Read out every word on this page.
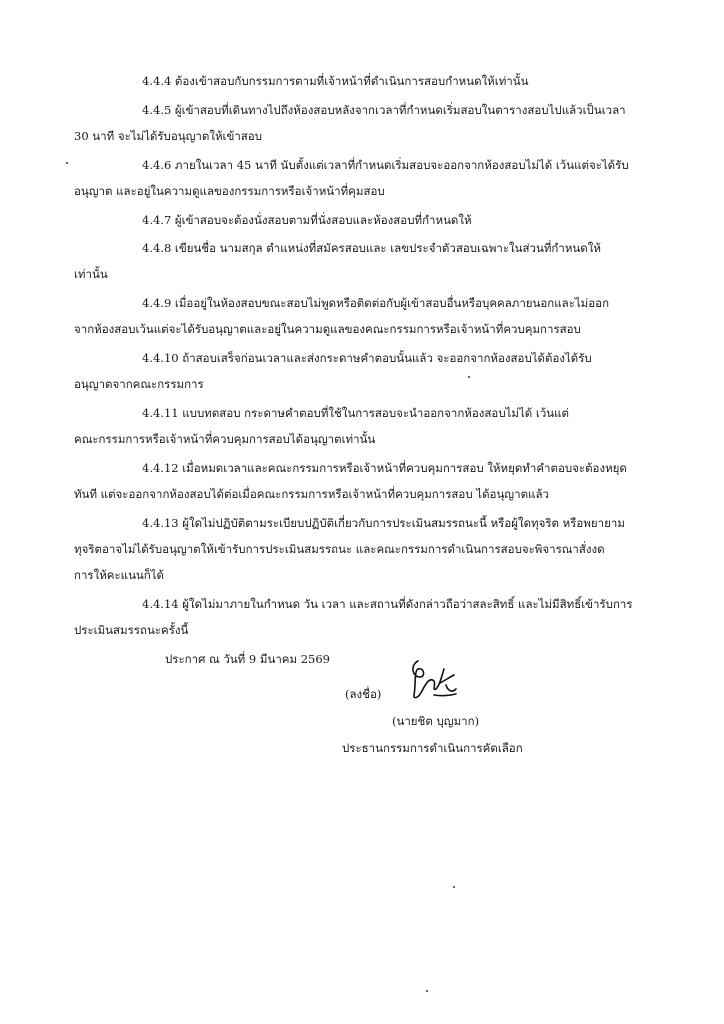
4.4.4 ต้องเข้าสอบกับกรรมการตามที่เจ้าหน้าที่ดำเนินการสอบกำหนดให้เท่านั้น
4.4.5 ผู้เข้าสอบที่เดินทางไปถึงห้องสอบหลังจากเวลาที่กำหนดเริ่มสอบในตารางสอบไปแล้วเป็นเวลา
30 นาที จะไม่ได้รับอนุญาตให้เข้าสอบ
4.4.6 ภายในเวลา 45 นาที นับตั้งแต่เวลาที่กำหนดเริ่มสอบจะออกจากห้องสอบไม่ได้ เว้นแต่จะได้รับ
อนุญาต และอยู่ในความดูแลของกรรมการหรือเจ้าหน้าที่คุมสอบ
4.4.7 ผู้เข้าสอบจะต้องนั่งสอบตามที่นั่งสอบและห้องสอบที่กำหนดให้
4.4.8 เขียนชื่อ นามสกุล ตำแหน่งที่สมัครสอบและ เลขประจำตัวสอบเฉพาะในส่วนที่กำหนดให้
เท่านั้น
4.4.9 เมื่ออยู่ในห้องสอบขณะสอบไม่พูดหรือติดต่อกับผู้เข้าสอบอื่นหรือบุคคลภายนอกและไม่ออก
จากห้องสอบเว้นแต่จะได้รับอนุญาตและอยู่ในความดูแลของคณะกรรมการหรือเจ้าหน้าที่ควบคุมการสอบ
4.4.10 ถ้าสอบเสร็จก่อนเวลาและส่งกระดาษคำตอบนั้นแล้ว จะออกจากห้องสอบได้ต้องได้รับ
อนุญาตจากคณะกรรมการ
4.4.11 แบบทดสอบ กระดาษคำตอบที่ใช้ในการสอบจะนำออกจากห้องสอบไม่ได้ เว้นแต่
คณะกรรมการหรือเจ้าหน้าที่ควบคุมการสอบได้อนุญาตเท่านั้น
4.4.12 เมื่อหมดเวลาและคณะกรรมการหรือเจ้าหน้าที่ควบคุมการสอบ ให้หยุดทำคำตอบจะต้องหยุด
ทันที แต่จะออกจากห้องสอบได้ต่อเมื่อคณะกรรมการหรือเจ้าหน้าที่ควบคุมการสอบ ได้อนุญาตแล้ว
4.4.13 ผู้ใดไม่ปฏิบัติตามระเบียบปฏิบัติเกี่ยวกับการประเมินสมรรถนะนี้ หรือผู้ใดทุจริต หรือพยายาม
ทุจริตอาจไม่ได้รับอนุญาตให้เข้ารับการประเมินสมรรถนะ และคณะกรรมการดำเนินการสอบจะพิจารณาสั่งงด
การให้คะแนนก็ได้
4.4.14 ผู้ใดไม่มาภายในกำหนด วัน เวลา และสถานที่ดังกล่าวถือว่าสละสิทธิ์ และไม่มีสิทธิ์เข้ารับการ
ประเมินสมรรถนะครั้งนี้
ประกาศ ณ วันที่ 9 มีนาคม 2569
(ลงชื่อ)
(นายชิต บุญมาก)
ประธานกรรมการดำเนินการคัดเลือก
